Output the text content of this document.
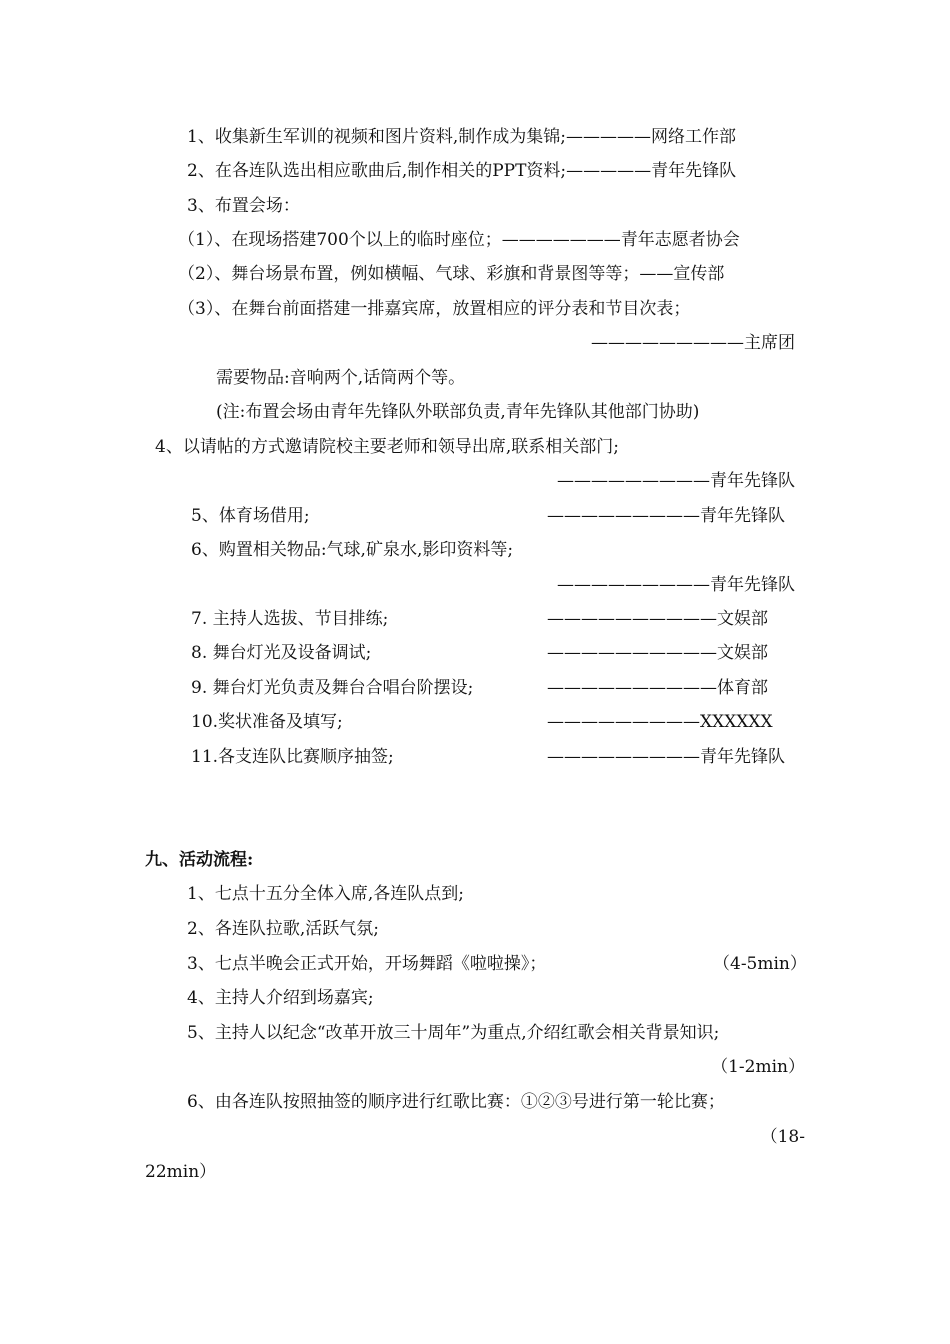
1、收集新生军训的视频和图片资料,制作成为集锦;—————网络工作部
2、在各连队选出相应歌曲后,制作相关的PPT资料;—————青年先锋队
3、布置会场：
（1）、在现场搭建700个以上的临时座位；———————青年志愿者协会
（2）、舞台场景布置，例如横幅、气球、彩旗和背景图等等；——宣传部
（3）、在舞台前面搭建一排嘉宾席，放置相应的评分表和节目次表；
—————————主席团
需要物品:音响两个,话筒两个等。
(注:布置会场由青年先锋队外联部负责,青年先锋队其他部门协助)
4、以请帖的方式邀请院校主要老师和领导出席,联系相关部门;
—————————青年先锋队
5、体育场借用;	—————————青年先锋队
6、购置相关物品:气球,矿泉水,影印资料等;
—————————青年先锋队
7. 主持人选拔、节目排练;	——————————文娱部
8. 舞台灯光及设备调试;	——————————文娱部
9. 舞台灯光负责及舞台合唱台阶摆设;	——————————体育部
10.奖状准备及填写;	—————————XXXXXX
11.各支连队比赛顺序抽签;	—————————青年先锋队
九、活动流程:
1、七点十五分全体入席,各连队点到;
2、各连队拉歌,活跃气氛;
3、七点半晚会正式开始，开场舞蹈《啦啦操》；	（4-5min）
4、主持人介绍到场嘉宾;
5、主持人以纪念“改革开放三十周年”为重点,介绍红歌会相关背景知识;
（1-2min）
6、由各连队按照抽签的顺序进行红歌比赛：①②③号进行第一轮比赛；
（18-
22min）
